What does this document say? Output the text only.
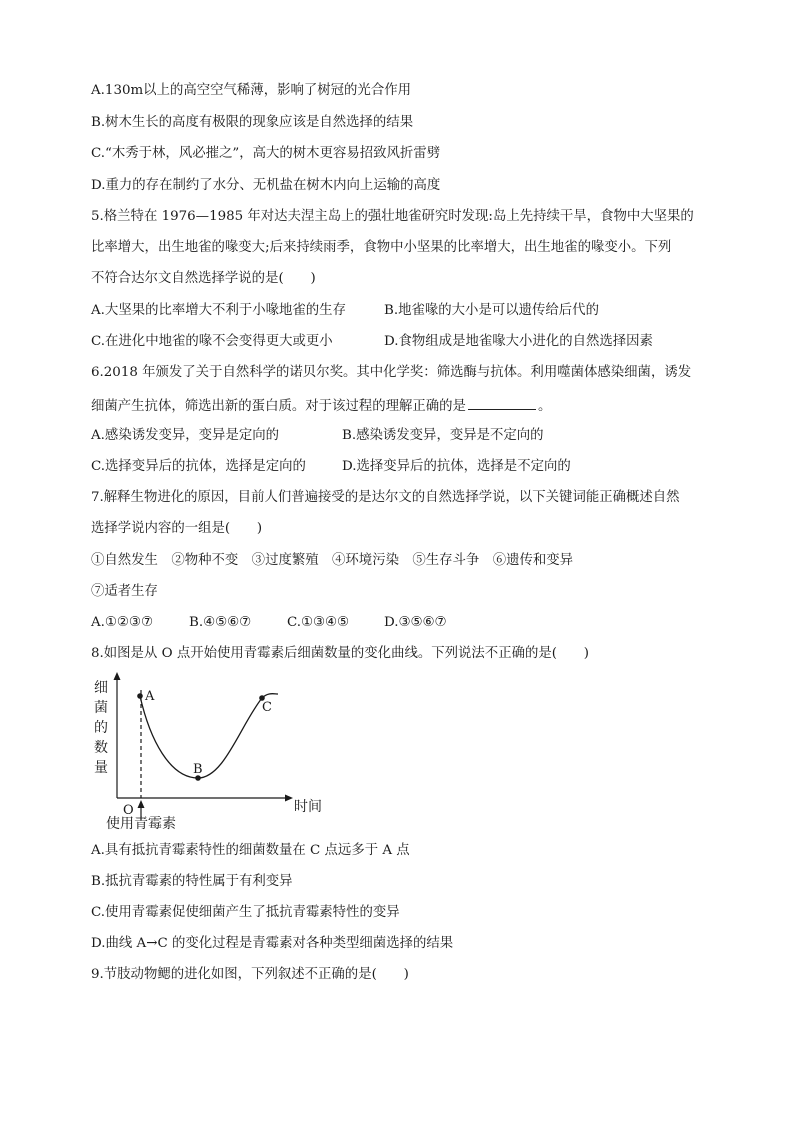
A.130m以上的高空空气稀薄，影响了树冠的光合作用
B.树木生长的高度有极限的现象应该是自然选择的结果
C.“木秀于林，风必摧之”，高大的树木更容易招致风折雷劈
D.重力的存在制约了水分、无机盐在树木内向上运输的高度
5.格兰特在 1976—1985 年对达夫涅主岛上的强壮地雀研究时发现:岛上先持续干旱，食物中大坚果的
比率增大，出生地雀的喙变大;后来持续雨季，食物中小坚果的比率增大，出生地雀的喙变小。下列
不符合达尔文自然选择学说的是(　　)
A.大坚果的比率增大不利于小喙地雀的生存	B.地雀喙的大小是可以遗传给后代的
C.在进化中地雀的喙不会变得更大或更小	D.食物组成是地雀喙大小进化的自然选择因素
6.2018 年颁发了关于自然科学的诺贝尔奖。其中化学奖：筛选酶与抗体。利用噬菌体感染细菌，诱发
细菌产生抗体，筛选出新的蛋白质。对于该过程的理解正确的是	。
A.感染诱发变异，变异是定向的	B.感染诱发变异，变异是不定向的
C.选择变异后的抗体，选择是定向的	D.选择变异后的抗体，选择是不定向的
7.解释生物进化的原因，目前人们普遍接受的是达尔文的自然选择学说，以下关键词能正确概述自然
选择学说内容的一组是(　　)
①自然发生　②物种不变　③过度繁殖　④环境污染　⑤生存斗争　⑥遗传和变异
⑦适者生存
A.①②③⑦	B.④⑤⑥⑦	C.①③④⑤	D.③⑤⑥⑦
8.如图是从 O 点开始使用青霉素后细菌数量的变化曲线。下列说法不正确的是(　　)
细
菌
的
数
量
A
B
C
O	时间
使用青霉素
A.具有抵抗青霉素特性的细菌数量在 C 点远多于 A 点
B.抵抗青霉素的特性属于有利变异
C.使用青霉素促使细菌产生了抵抗青霉素特性的变异
D.曲线 A→C 的变化过程是青霉素对各种类型细菌选择的结果
9.节肢动物鳃的进化如图，下列叙述不正确的是(　　)
